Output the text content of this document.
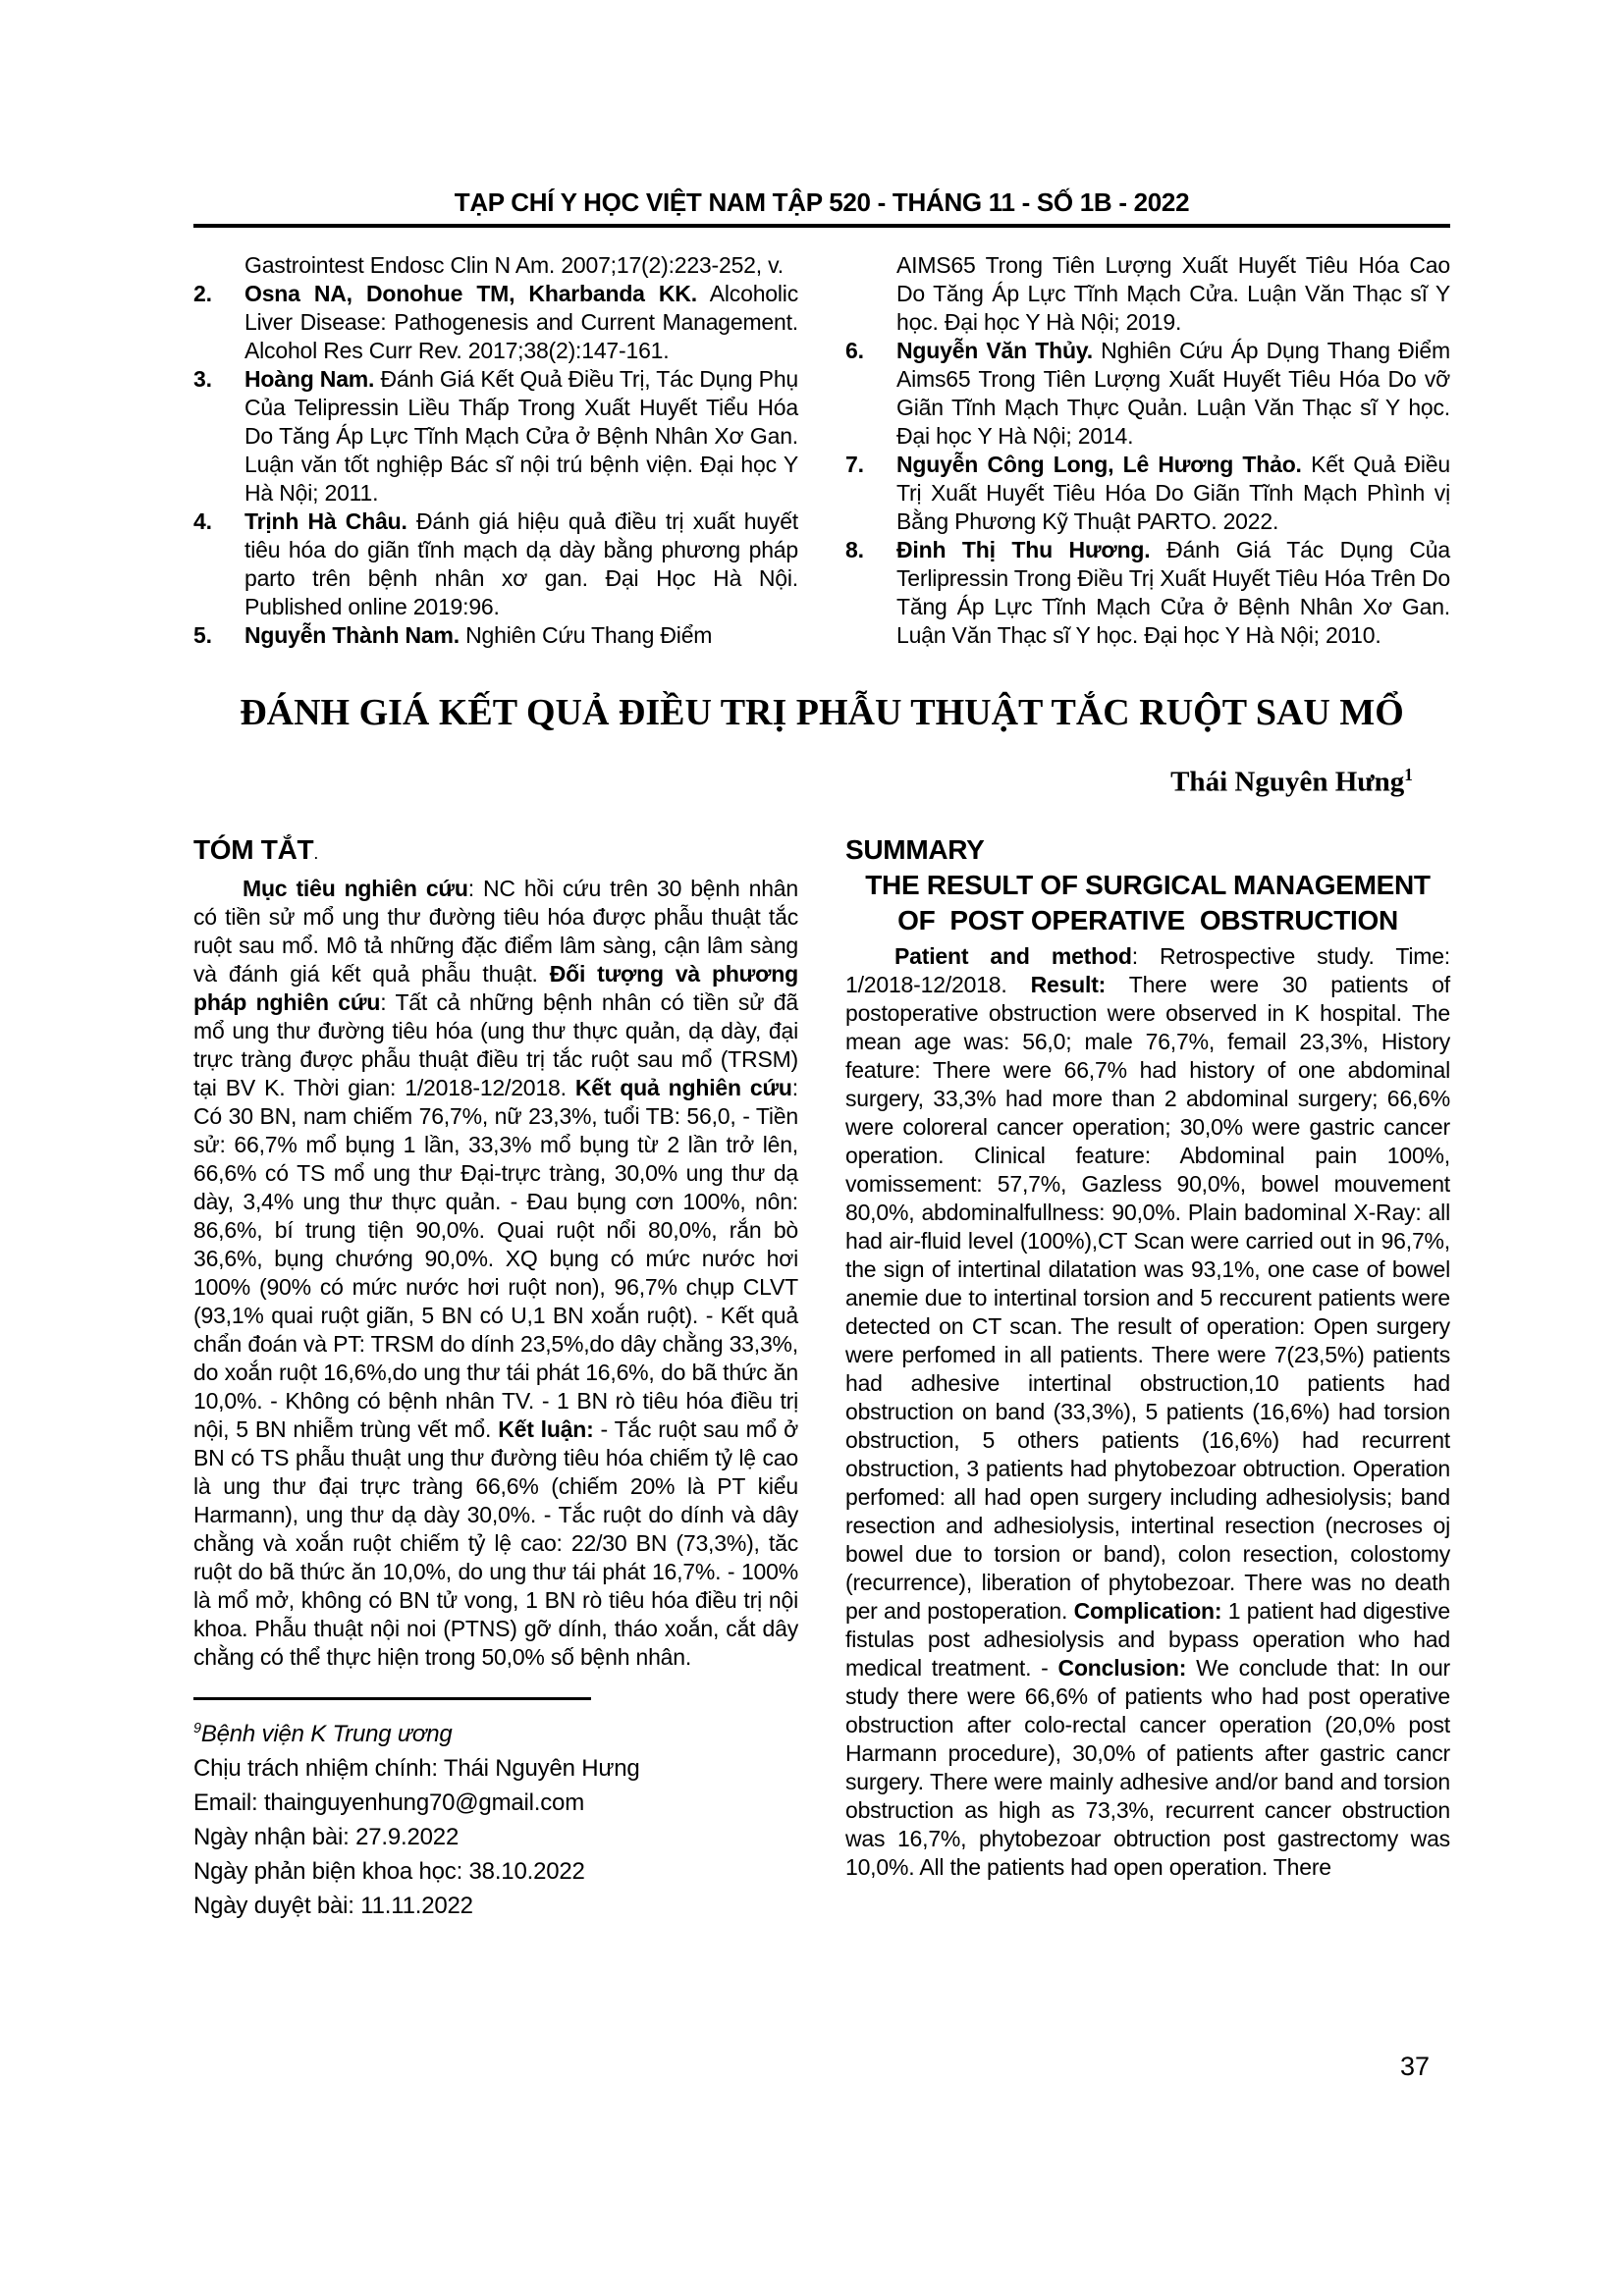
TẠP CHÍ Y HỌC VIỆT NAM TẬP 520 - THÁNG 11 - SỐ 1B - 2022
Gastrointest Endosc Clin N Am. 2007;17(2):223-252, v.
2.	Osna NA, Donohue TM, Kharbanda KK. Alcoholic Liver Disease: Pathogenesis and Current Management. Alcohol Res Curr Rev. 2017;38(2):147-161.
3.	Hoàng Nam. Đánh Giá Kết Quả Điều Trị, Tác Dụng Phụ Của Telipressin Liều Thấp Trong Xuất Huyết Tiểu Hóa Do Tăng Áp Lực Tĩnh Mạch Cửa ở Bệnh Nhân Xơ Gan. Luận văn tốt nghiệp Bác sĩ nội trú bệnh viện. Đại học Y Hà Nội; 2011.
4.	Trịnh Hà Châu. Đánh giá hiệu quả điều trị xuất huyết tiêu hóa do giãn tĩnh mạch dạ dày bằng phương pháp parto trên bệnh nhân xơ gan. Đại Học Hà Nội. Published online 2019:96.
5.	Nguyễn Thành Nam. Nghiên Cứu Thang Điểm
AIMS65 Trong Tiên Lượng Xuất Huyết Tiêu Hóa Cao Do Tăng Áp Lực Tĩnh Mạch Cửa. Luận Văn Thạc sĩ Y học. Đại học Y Hà Nội; 2019.
6.	Nguyễn Văn Thủy. Nghiên Cứu Áp Dụng Thang Điểm Aims65 Trong Tiên Lượng Xuất Huyết Tiêu Hóa Do vỡ Giãn Tĩnh Mạch Thực Quản. Luận Văn Thạc sĩ Y học. Đại học Y Hà Nội; 2014.
7.	Nguyễn Công Long, Lê Hương Thảo. Kết Quả Điều Trị Xuất Huyết Tiêu Hóa Do Giãn Tĩnh Mạch Phình vị Bằng Phương Kỹ Thuật PARTO. 2022.
8.	Đinh Thị Thu Hương. Đánh Giá Tác Dụng Của Terlipressin Trong Điều Trị Xuất Huyết Tiêu Hóa Trên Do Tăng Áp Lực Tĩnh Mạch Cửa ở Bệnh Nhân Xơ Gan. Luận Văn Thạc sĩ Y học. Đại học Y Hà Nội; 2010.
ĐÁNH GIÁ KẾT QUẢ ĐIỀU TRỊ PHẪU THUẬT TẮC RUỘT SAU MỔ
Thái Nguyên Hưng$^1$
TÓM TẮT.

Mục tiêu nghiên cứu: NC hồi cứu trên 30 bệnh nhân có tiền sử mổ ung thư đường tiêu hóa được phẫu thuật tắc ruột sau mổ. Mô tả những đặc điểm lâm sàng, cận lâm sàng và đánh giá kết quả phẫu thuật. Đối tượng và phương pháp nghiên cứu: Tất cả những bệnh nhân có tiền sử đã mổ ung thư đường tiêu hóa (ung thư thực quản, dạ dày, đại trực tràng được phẫu thuật điều trị tắc ruột sau mổ (TRSM) tại BV K. Thời gian: 1/2018-12/2018. Kết quả nghiên cứu: Có 30 BN, nam chiếm 76,7%, nữ 23,3%, tuổi TB: 56,0, - Tiền sử: 66,7% mổ bụng 1 lần, 33,3% mổ bụng từ 2 lần trở lên, 66,6% có TS mổ ung thư Đại-trực tràng, 30,0% ung thư dạ dày, 3,4% ung thư thực quản. - Đau bụng cơn 100%, nôn: 86,6%, bí trung tiện 90,0%. Quai ruột nổi 80,0%, rắn bò 36,6%, bụng chướng 90,0%. XQ bụng có mức nước hơi 100% (90% có mức nước hơi ruột non), 96,7% chụp CLVT (93,1% quai ruột giãn, 5 BN có U,1 BN xoắn ruột). - Kết quả chẩn đoán và PT: TRSM do dính 23,5%,do dây chằng 33,3%, do xoắn ruột 16,6%,do ung thư tái phát 16,6%, do bã thức ăn 10,0%. - Không có bệnh nhân TV. - 1 BN rò tiêu hóa điều trị nội, 5 BN nhiễm trùng vết mổ. Kết luận: - Tắc ruột sau mổ ở BN có TS phẫu thuật ung thư đường tiêu hóa chiếm tỷ lệ cao là ung thư đại trực tràng 66,6% (chiếm 20% là PT kiểu Harmann), ung thư dạ dày 30,0%. - Tắc ruột do dính và dây chằng và xoắn ruột chiếm tỷ lệ cao: 22/30 BN (73,3%), tăc ruột do bã thức ăn 10,0%, do ung thư tái phát 16,7%. - 100% là mổ mở, không có BN tử vong, 1 BN rò tiêu hóa điều trị nội khoa. Phẫu thuật nội noi (PTNS) gỡ dính, tháo xoắn, cắt dây chằng có thể thực hiện trong 50,0% số bệnh nhân.

$^9$Bệnh viện K Trung ương
Chịu trách nhiệm chính: Thái Nguyên Hưng
Email: thainguyenhung70@gmail.com
Ngày nhận bài: 27.9.2022
Ngày phản biện khoa học: 38.10.2022
Ngày duyệt bài: 11.11.2022
SUMMARY
THE RESULT OF SURGICAL MANAGEMENT
OF  POST OPERATIVE  OBSTRUCTION

Patient and method: Retrospective study. Time: 1/2018-12/2018. Result: There were 30 patients of postoperative obstruction were observed in K hospital. The mean age was: 56,0; male 76,7%, femail 23,3%, History feature: There were 66,7% had history of one abdominal surgery, 33,3% had more than 2 abdominal surgery; 66,6% were coloreral cancer operation; 30,0% were gastric cancer operation. Clinical feature: Abdominal pain 100%, vomissement: 57,7%, Gazless 90,0%, bowel mouvement 80,0%, abdominalfullness: 90,0%. Plain badominal X-Ray: all had air-fluid level (100%),CT Scan were carried out in 96,7%, the sign of intertinal dilatation was 93,1%, one case of bowel anemie due to intertinal torsion and 5 reccurent patients were detected on CT scan. The result of operation: Open surgery were perfomed in all patients. There were 7(23,5%) patients had adhesive intertinal obstruction,10 patients had obstruction on band (33,3%), 5 patients (16,6%) had torsion obstruction, 5 others patients (16,6%) had recurrent obstruction, 3 patients had phytobezoar obtruction. Operation perfomed: all had open surgery including adhesiolysis; band resection and adhesiolysis, intertinal resection (necroses oj bowel due to torsion or band), colon resection, colostomy (recurrence), liberation of phytobezoar. There was no death per and postoperation. Complication: 1 patient had digestive fistulas post adhesiolysis and bypass operation who had medical treatment. - Conclusion: We conclude that: In our study there were 66,6% of patients who had post operative obstruction after colo-rectal cancer operation (20,0% post Harmann procedure), 30,0% of patients after gastric cancr surgery. There were mainly adhesive and/or band and torsion obstruction as high as 73,3%, recurrent cancer obstruction was 16,7%, phytobezoar obtruction post gastrectomy was 10,0%. All the patients had open operation. There

37
